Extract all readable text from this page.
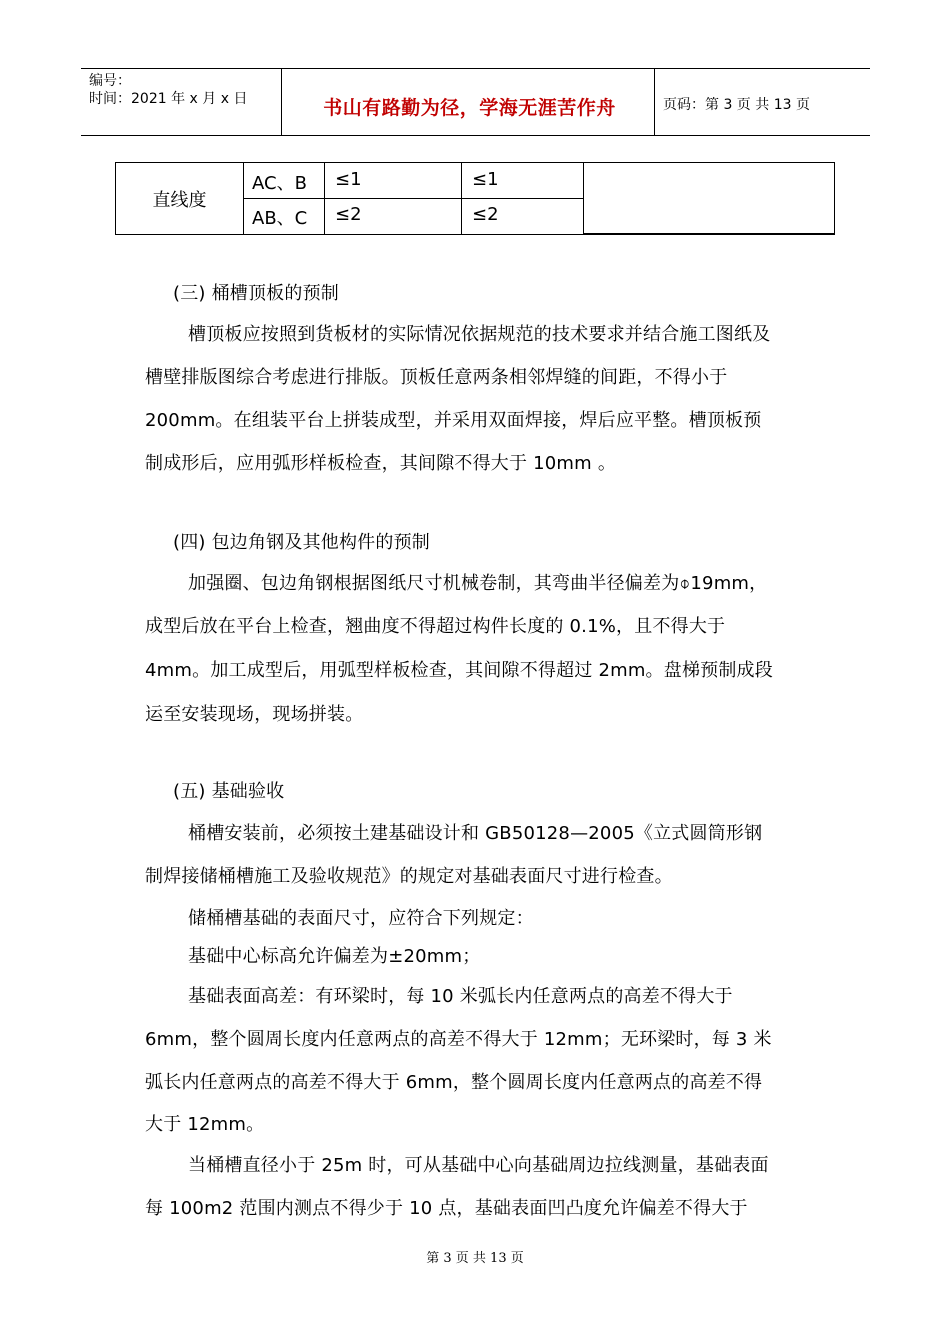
编号：
时间：2021 年 x 月 x 日	书山有路勤为径，学海无涯苦作舟	页码：第 3 页 共 13 页
直线度
AC、B	≤1	≤1
AB、C	≤2	≤2
(三) 桶槽顶板的预制
槽顶板应按照到货板材的实际情况依据规范的技术要求并结合施工图纸及
槽壁排版图综合考虑进行排版。顶板任意两条相邻焊缝的间距，不得小于
200mm。在组装平台上拼装成型，并采用双面焊接，焊后应平整。槽顶板预
制成形后，应用弧形样板检查，其间隙不得大于 10mm 。
(四) 包边角钢及其他构件的预制
加强圈、包边角钢根据图纸尺寸机械卷制，其弯曲半径偏差为⌽19mm，
成型后放在平台上检查，翘曲度不得超过构件长度的 0.1%，且不得大于
4mm。加工成型后，用弧型样板检查，其间隙不得超过 2mm。盘梯预制成段
运至安装现场，现场拼装。
(五) 基础验收
桶槽安装前，必须按土建基础设计和 GB50128—2005《立式圆筒形钢
制焊接储桶槽施工及验收规范》的规定对基础表面尺寸进行检查。
储桶槽基础的表面尺寸，应符合下列规定：
基础中心标高允许偏差为±20mm；
基础表面高差：有环梁时，每 10 米弧长内任意两点的高差不得大于
6mm，整个圆周长度内任意两点的高差不得大于 12mm；无环梁时，每 3 米
弧长内任意两点的高差不得大于 6mm，整个圆周长度内任意两点的高差不得
大于 12mm。
当桶槽直径小于 25m 时，可从基础中心向基础周边拉线测量，基础表面
每 100m2 范围内测点不得少于 10 点，基础表面凹凸度允许偏差不得大于
第 3 页 共 13 页
